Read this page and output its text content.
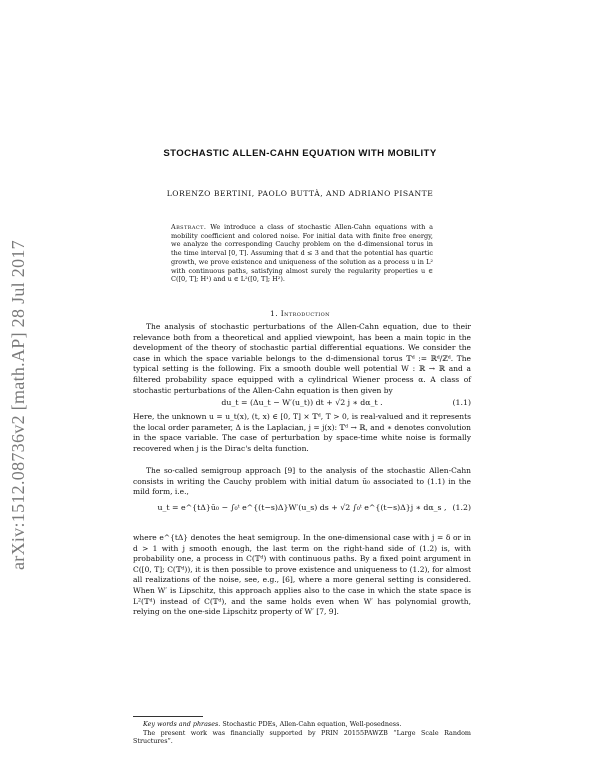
arXiv:1512.08736v2 [math.AP] 28 Jul 2017
STOCHASTIC ALLEN-CAHN EQUATION WITH MOBILITY
LORENZO BERTINI, PAOLO BUTTÀ, AND ADRIANO PISANTE
Abstract. We introduce a class of stochastic Allen-Cahn equations with a mobility coefficient and colored noise. For initial data with finite free energy, we analyze the corresponding Cauchy problem on the d-dimensional torus in the time interval [0, T]. Assuming that d ≤ 3 and that the potential has quartic growth, we prove existence and uniqueness of the solution as a process u in L² with continuous paths, satisfying almost surely the regularity properties u ∈ C([0, T]; H¹) and u ∈ L²([0, T]; H²).
1. Introduction

The analysis of stochastic perturbations of the Allen-Cahn equation, due to their relevance both from a theoretical and applied viewpoint, has been a main topic in the development of the theory of stochastic partial differential equations. We consider the case in which the space variable belongs to the d-dimensional torus 𝕋ᵈ := ℝᵈ/ℤᵈ. The typical setting is the following. Fix a smooth double well potential W : ℝ → ℝ and a filtered probability space equipped with a cylindrical Wiener process α. A class of stochastic perturbations of the Allen-Cahn equation is then given by

du_t = (Δu_t − W′(u_t)) dt + √2 j ∗ dα_t .	(1.1)

Here, the unknown u = u_t(x), (t, x) ∈ [0, T] × 𝕋ᵈ, T > 0, is real-valued and it represents the local order parameter, Δ is the Laplacian, j = j(x): 𝕋ᵈ → ℝ, and ∗ denotes convolution in the space variable. The case of perturbation by space-time white noise is formally recovered when j is the Dirac's delta function.

The so-called semigroup approach [9] to the analysis of the stochastic Allen-Cahn consists in writing the Cauchy problem with initial datum ū₀ associated to (1.1) in the mild form, i.e.,

u_t = e^{tΔ}ū₀ − ∫₀ᵗ e^{(t−s)Δ}W′(u_s) ds + √2 ∫₀ᵗ e^{(t−s)Δ}j ∗ dα_s , (1.2)

where e^{tΔ} denotes the heat semigroup. In the one-dimensional case with j = δ or in d > 1 with j smooth enough, the last term on the right-hand side of (1.2) is, with probability one, a process in C(𝕋ᵈ) with continuous paths. By a fixed point argument in C([0, T]; C(𝕋ᵈ)), it is then possible to prove existence and uniqueness to (1.2), for almost all realizations of the noise, see, e.g., [6], where a more general setting is considered. When W′ is Lipschitz, this approach applies also to the case in which the state space is L²(𝕋ᵈ) instead of C(𝕋ᵈ), and the same holds even when W′ has polynomial growth, relying on the one-side Lipschitz property of W′ [7, 9].

Key words and phrases. Stochastic PDEs, Allen-Cahn equation, Well-posedness.

The present work was financially supported by PRIN 20155PAWZB “Large Scale Random Structures”.
